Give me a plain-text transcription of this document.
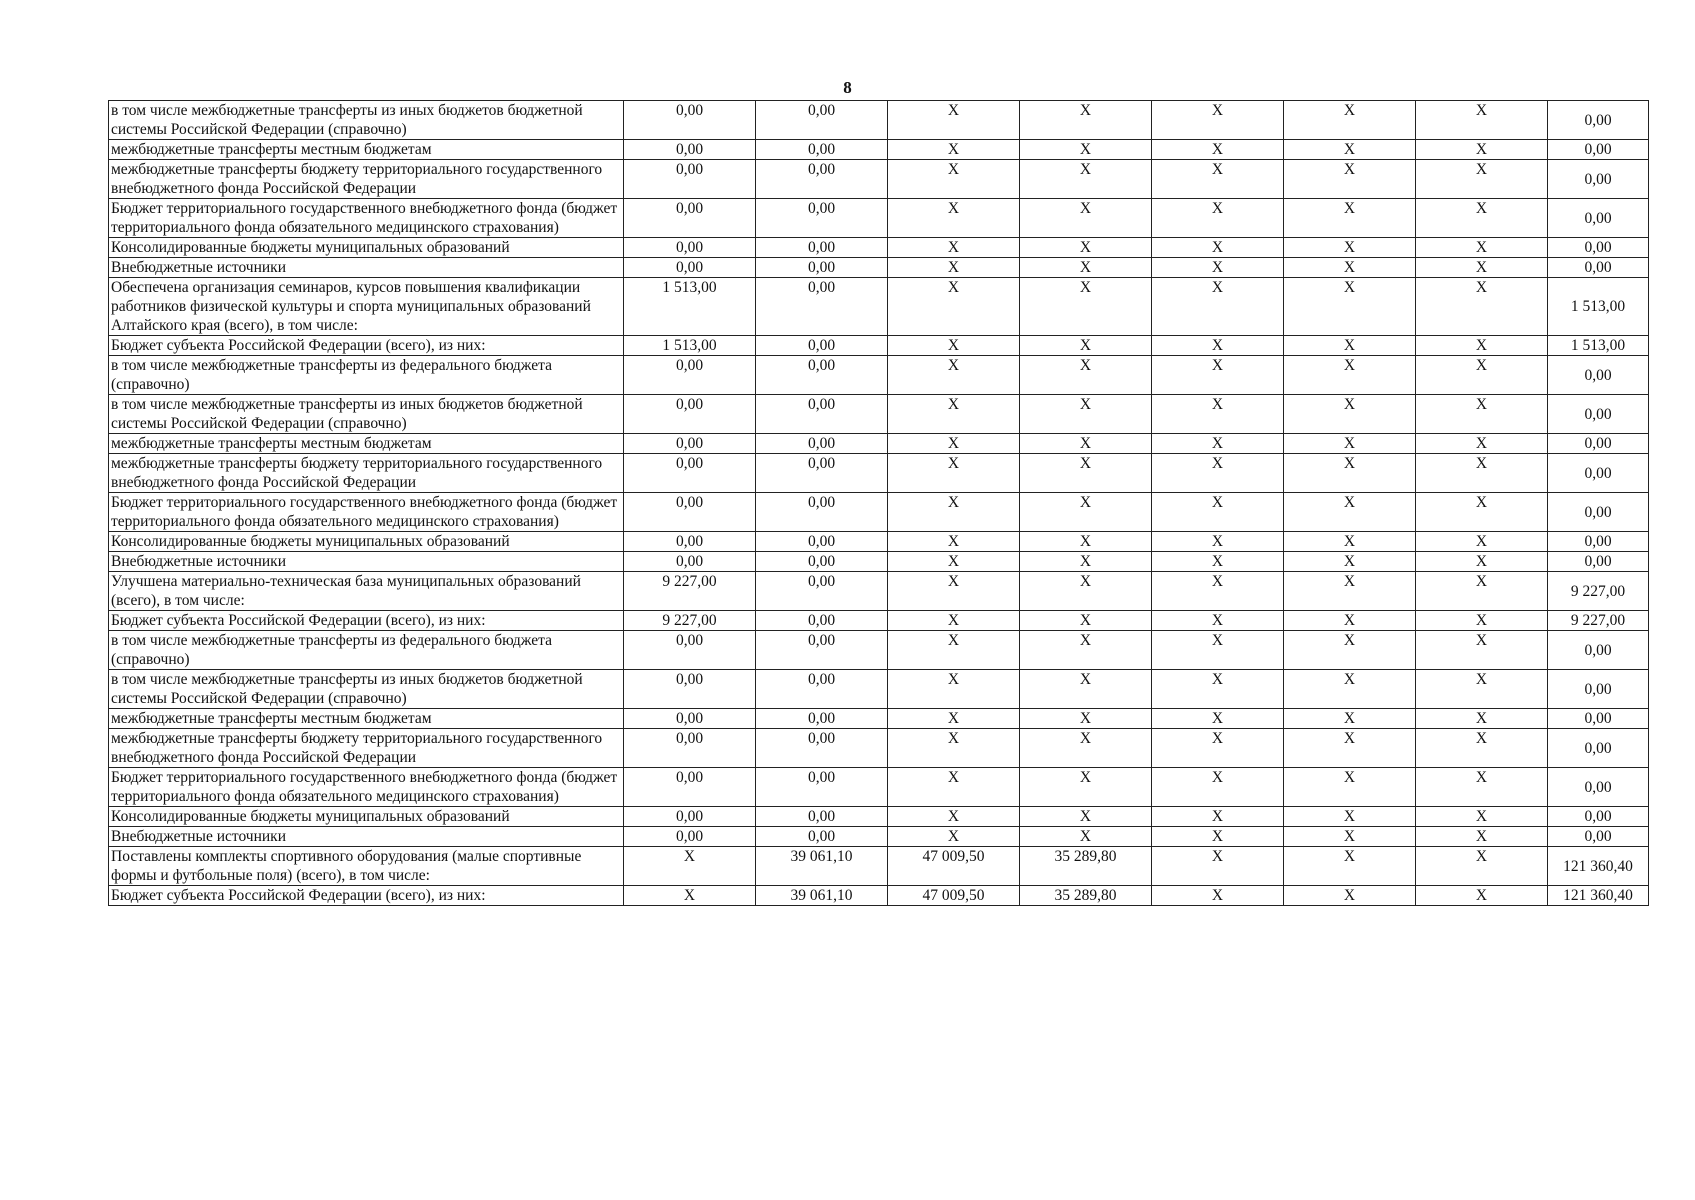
8
в том числе межбюджетные трансферты из иных бюджетов бюджетной системы Российской Федерации (справочно)	0,00	0,00	X	X	X	X	X	0,00
межбюджетные трансферты местным бюджетам	0,00	0,00	X	X	X	X	X	0,00
межбюджетные трансферты бюджету территориального государственного внебюджетного фонда Российской Федерации	0,00	0,00	X	X	X	X	X	0,00
Бюджет территориального государственного внебюджетного фонда (бюджет территориального фонда обязательного медицинского страхования)	0,00	0,00	X	X	X	X	X	0,00
Консолидированные бюджеты муниципальных образований	0,00	0,00	X	X	X	X	X	0,00
Внебюджетные источники	0,00	0,00	X	X	X	X	X	0,00
Обеспечена организация семинаров, курсов повышения квалификации работников физической культуры и спорта муниципальных образований Алтайского края (всего), в том числе:	1 513,00	0,00	X	X	X	X	X	1 513,00
Бюджет субъекта Российской Федерации (всего), из них:	1 513,00	0,00	X	X	X	X	X	1 513,00
в том числе межбюджетные трансферты из федерального бюджета (справочно)	0,00	0,00	X	X	X	X	X	0,00
в том числе межбюджетные трансферты из иных бюджетов бюджетной системы Российской Федерации (справочно)	0,00	0,00	X	X	X	X	X	0,00
межбюджетные трансферты местным бюджетам	0,00	0,00	X	X	X	X	X	0,00
межбюджетные трансферты бюджету территориального государственного внебюджетного фонда Российской Федерации	0,00	0,00	X	X	X	X	X	0,00
Бюджет территориального государственного внебюджетного фонда (бюджет территориального фонда обязательного медицинского страхования)	0,00	0,00	X	X	X	X	X	0,00
Консолидированные бюджеты муниципальных образований	0,00	0,00	X	X	X	X	X	0,00
Внебюджетные источники	0,00	0,00	X	X	X	X	X	0,00
Улучшена материально-техническая база муниципальных образований (всего), в том числе:	9 227,00	0,00	X	X	X	X	X	9 227,00
Бюджет субъекта Российской Федерации (всего), из них:	9 227,00	0,00	X	X	X	X	X	9 227,00
в том числе межбюджетные трансферты из федерального бюджета (справочно)	0,00	0,00	X	X	X	X	X	0,00
в том числе межбюджетные трансферты из иных бюджетов бюджетной системы Российской Федерации (справочно)	0,00	0,00	X	X	X	X	X	0,00
межбюджетные трансферты местным бюджетам	0,00	0,00	X	X	X	X	X	0,00
межбюджетные трансферты бюджету территориального государственного внебюджетного фонда Российской Федерации	0,00	0,00	X	X	X	X	X	0,00
Бюджет территориального государственного внебюджетного фонда (бюджет территориального фонда обязательного медицинского страхования)	0,00	0,00	X	X	X	X	X	0,00
Консолидированные бюджеты муниципальных образований	0,00	0,00	X	X	X	X	X	0,00
Внебюджетные источники	0,00	0,00	X	X	X	X	X	0,00
Поставлены комплекты спортивного оборудования (малые спортивные формы и футбольные поля) (всего), в том числе:	X	39 061,10	47 009,50	35 289,80	X	X	X	121 360,40
Бюджет субъекта Российской Федерации (всего), из них:	X	39 061,10	47 009,50	35 289,80	X	X	X	121 360,40
